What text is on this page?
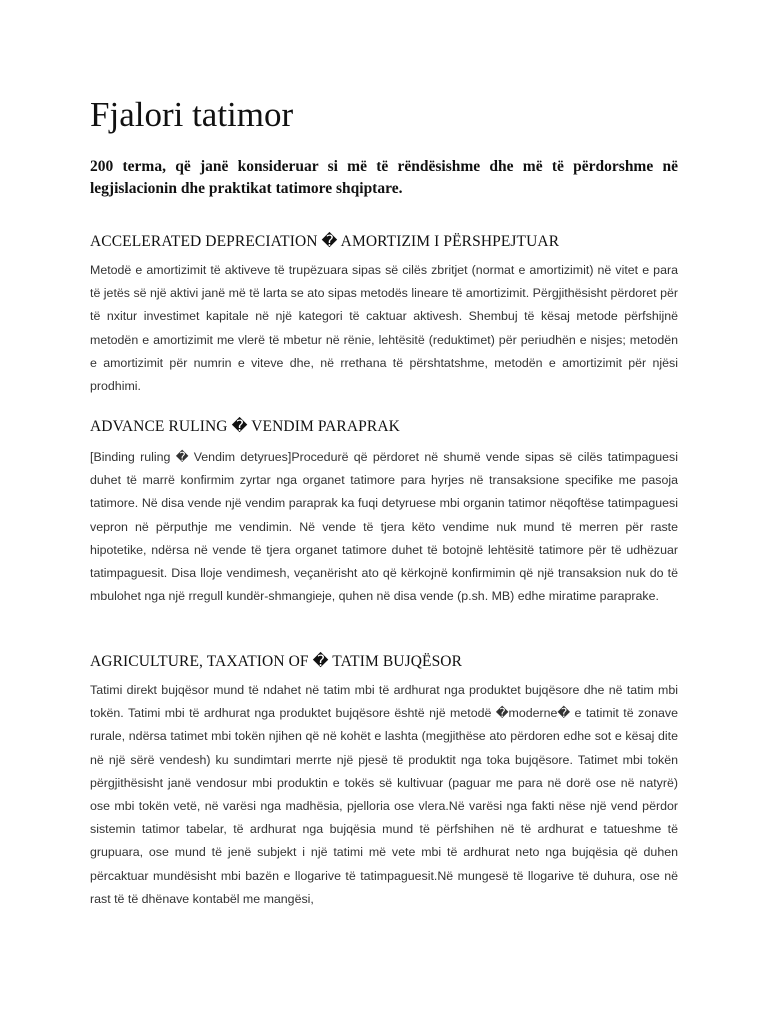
Fjalori tatimor

200 terma, që janë konsideruar si më të rëndësishme dhe më të përdorshme në legjislacionin dhe praktikat tatimore shqiptare.

ACCELERATED DEPRECIATION � AMORTIZIM I PËRSHPEJTUAR

Metodë e amortizimit të aktiveve të trupëzuara sipas së cilës zbritjet (normat e amortizimit) në vitet e para të jetës së një aktivi janë më të larta se ato sipas metodës lineare të amortizimit. Përgjithësisht përdoret për të nxitur investimet kapitale në një kategori të caktuar aktivesh. Shembuj të kësaj metode përfshijnë metodën e amortizimit me vlerë të mbetur në rënie, lehtësitë (reduktimet) për periudhën e nisjes; metodën e amortizimit për numrin e viteve dhe, në rrethana të përshtatshme, metodën e amortizimit për njësi prodhimi.

ADVANCE RULING � VENDIM PARAPRAK

[Binding ruling � Vendim detyrues]Procedurë që përdoret në shumë vende sipas së cilës tatimpaguesi duhet të marrë konfirmim zyrtar nga organet tatimore para hyrjes në transaksione specifike me pasoja tatimore. Në disa vende një vendim paraprak ka fuqi detyruese mbi organin tatimor nëqoftëse tatimpaguesi vepron në përputhje me vendimin. Në vende të tjera këto vendime nuk mund të merren për raste hipotetike, ndërsa në vende të tjera organet tatimore duhet të botojnë lehtësitë tatimore për të udhëzuar tatimpaguesit. Disa lloje vendimesh, veçanërisht ato që kërkojnë konfirmimin që një transaksion nuk do të mbulohet nga një rregull kundër-shmangieje, quhen në disa vende (p.sh. MB) edhe miratime paraprake.

AGRICULTURE, TAXATION OF � TATIM BUJQËSOR

Tatimi direkt bujqësor mund të ndahet në tatim mbi të ardhurat nga produktet bujqësore dhe në tatim mbi tokën. Tatimi mbi të ardhurat nga produktet bujqësore është një metodë �moderne� e tatimit të zonave rurale, ndërsa tatimet mbi tokën njihen që në kohët e lashta (megjithëse ato përdoren edhe sot e kësaj dite në një sërë vendesh) ku sundimtari merrte një pjesë të produktit nga toka bujqësore. Tatimet mbi tokën përgjithësisht janë vendosur mbi produktin e tokës së kultivuar (paguar me para në dorë ose në natyrë) ose mbi tokën vetë, në varësi nga madhësia, pjelloria ose vlera.Në varësi nga fakti nëse një vend përdor sistemin tatimor tabelar, të ardhurat nga bujqësia mund të përfshihen në të ardhurat e tatueshme të grupuara, ose mund të jenë subjekt i një tatimi më vete mbi të ardhurat neto nga bujqësia që duhen përcaktuar mundësisht mbi bazën e llogarive të tatimpaguesit.Në mungesë të llogarive të duhura, ose në rast të të dhënave kontabël me mangësi,
